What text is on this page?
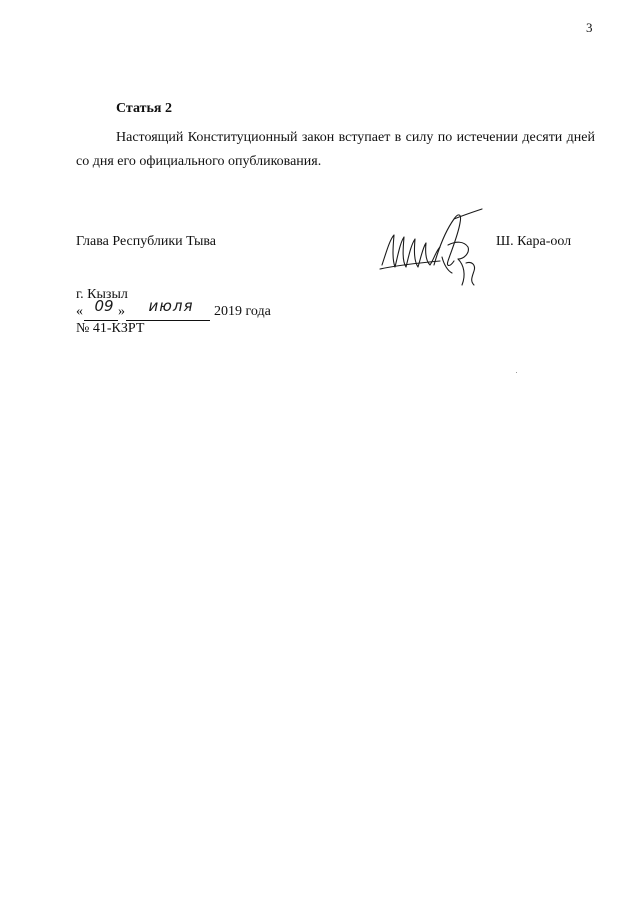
3
Статья 2

Настоящий Конституционный закон вступает в силу по истечении десяти дней со дня его официального опубликования.

Глава Республики Тыва	Ш. Кара-оол
г. Кызыл
« 09 »	июля	2019 года
№ 41-КЗРТ
